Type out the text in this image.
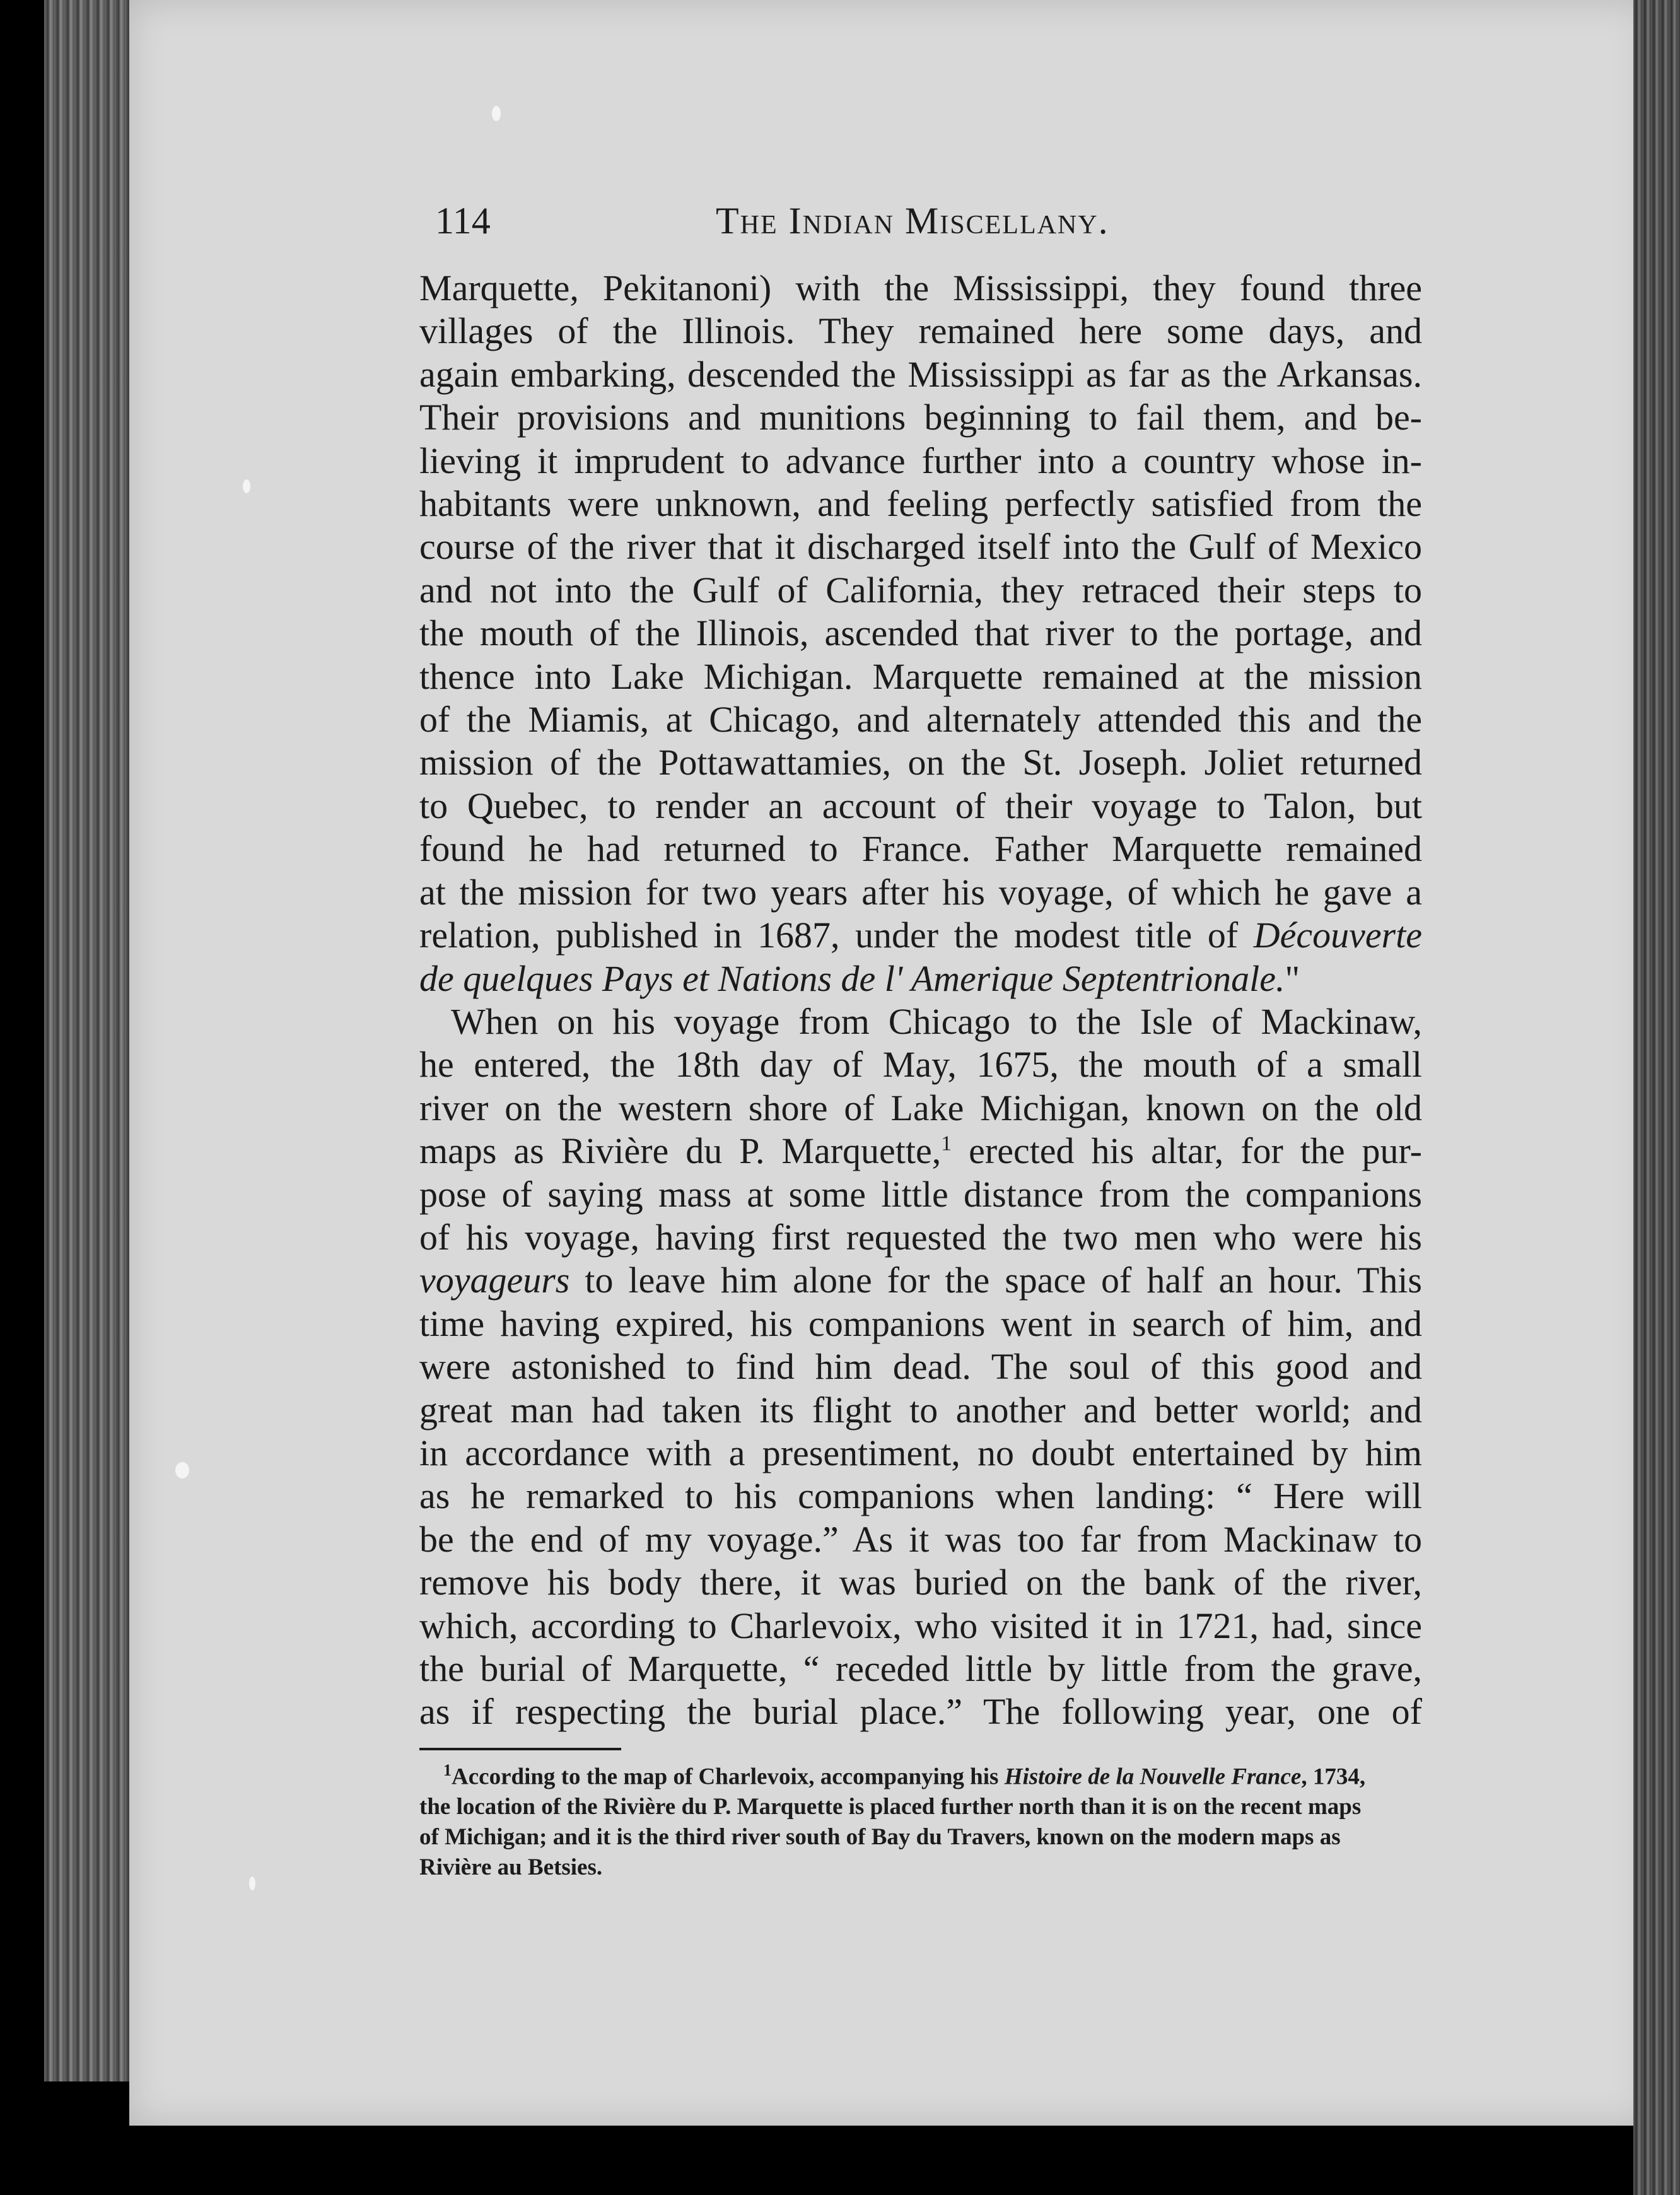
114	The Indian Miscellany.

Marquette, Pekitanoni) with the Mississippi, they found three
villages of the Illinois. They remained here some days, and
again embarking, descended the Mississippi as far as the Arkansas.
Their provisions and munitions beginning to fail them, and be-
lieving it imprudent to advance further into a country whose in-
habitants were unknown, and feeling perfectly satisfied from the
course of the river that it discharged itself into the Gulf of Mexico
and not into the Gulf of California, they retraced their steps to
the mouth of the Illinois, ascended that river to the portage, and
thence into Lake Michigan. Marquette remained at the mission
of the Miamis, at Chicago, and alternately attended this and the
mission of the Pottawattamies, on the St. Joseph. Joliet returned
to Quebec, to render an account of their voyage to Talon, but
found he had returned to France. Father Marquette remained
at the mission for two years after his voyage, of which he gave a
relation, published in 1687, under the modest title of Découverte
de quelques Pays et Nations de l' Amerique Septentrionale."

When on his voyage from Chicago to the Isle of Mackinaw,
he entered, the 18th day of May, 1675, the mouth of a small
river on the western shore of Lake Michigan, known on the old
maps as Rivière du P. Marquette,$^1$ erected his altar, for the pur-
pose of saying mass at some little distance from the companions
of his voyage, having first requested the two men who were his
voyageurs to leave him alone for the space of half an hour. This
time having expired, his companions went in search of him, and
were astonished to find him dead. The soul of this good and
great man had taken its flight to another and better world; and
in accordance with a presentiment, no doubt entertained by him
as he remarked to his companions when landing: “ Here will
be the end of my voyage.” As it was too far from Mackinaw to
remove his body there, it was buried on the bank of the river,
which, according to Charlevoix, who visited it in 1721, had, since
the burial of Marquette, “ receded little by little from the grave,
as if respecting the burial place.” The following year, one of

$^1$According to the map of Charlevoix, accompanying his Histoire de la Nouvelle France, 1734,
the location of the Rivière du P. Marquette is placed further north than it is on the recent maps
of Michigan; and it is the third river south of Bay du Travers, known on the modern maps as
Rivière au Betsies.
